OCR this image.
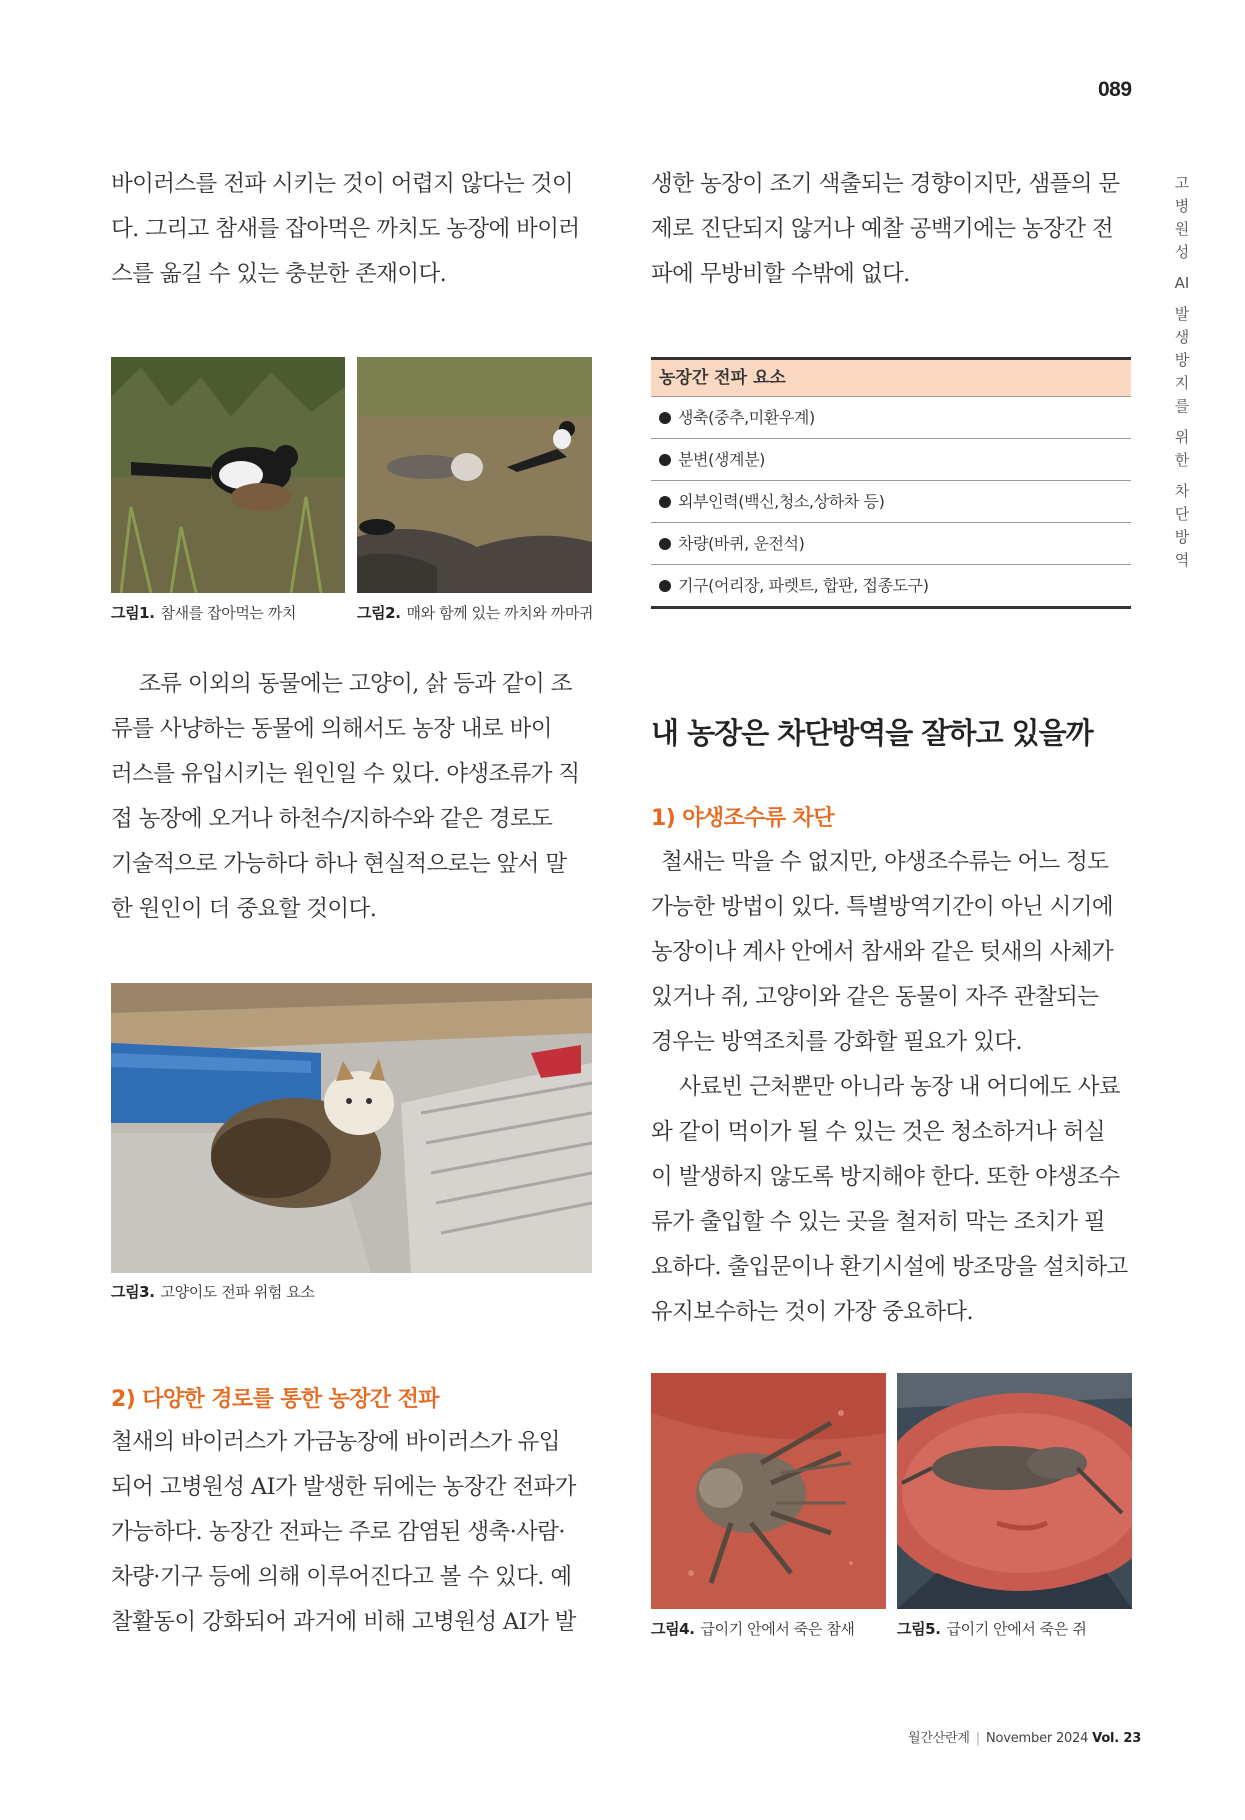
089
고
병
원
성
AI
발
생
방
지
를
위
한
차
단
방
역

바이러스를 전파 시키는 것이 어렵지 않다는 것이

다. 그리고 참새를 잡아먹은 까치도 농장에 바이러

스를 옮길 수 있는 충분한 존재이다.

그림1. 참새를 잡아먹는 까치	그림2. 매와 함께 있는 까치와 까마귀

조류 이외의 동물에는 고양이, 삵 등과 같이 조

류를 사냥하는 동물에 의해서도 농장 내로 바이

러스를 유입시키는 원인일 수 있다. 야생조류가 직

접 농장에 오거나 하천수/지하수와 같은 경로도

기술적으로 가능하다 하나 현실적으로는 앞서 말

한 원인이 더 중요할 것이다.

그림3. 고양이도 전파 위험 요소
2) 다양한 경로를 통한 농장간 전파

철새의 바이러스가 가금농장에 바이러스가 유입

되어 고병원성 AI가 발생한 뒤에는 농장간 전파가

가능하다. 농장간 전파는 주로 감염된 생축·사람·

차량·기구 등에 의해 이루어진다고 볼 수 있다. 예

찰활동이 강화되어 과거에 비해 고병원성 AI가 발

생한 농장이 조기 색출되는 경향이지만, 샘플의 문

제로 진단되지 않거나 예찰 공백기에는 농장간 전

파에 무방비할 수밖에 없다.

농장간 전파 요소
생축(중추,미환우계)
분변(생계분)
외부인력(백신,청소,상하차 등)
차량(바퀴, 운전석)
기구(어리장, 파렛트, 합판, 접종도구)
내 농장은 차단방역을 잘하고 있을까
1) 야생조수류 차단

철새는 막을 수 없지만, 야생조수류는 어느 정도

가능한 방법이 있다. 특별방역기간이 아닌 시기에

농장이나 계사 안에서 참새와 같은 텃새의 사체가

있거나 쥐, 고양이와 같은 동물이 자주 관찰되는

경우는 방역조치를 강화할 필요가 있다.

사료빈 근처뿐만 아니라 농장 내 어디에도 사료

와 같이 먹이가 될 수 있는 것은 청소하거나 허실

이 발생하지 않도록 방지해야 한다. 또한 야생조수

류가 출입할 수 있는 곳을 철저히 막는 조치가 필

요하다. 출입문이나 환기시설에 방조망을 설치하고

유지보수하는 것이 가장 중요하다.

그림4. 급이기 안에서 죽은 참새	그림5. 급이기 안에서 죽은 쥐
월간산란계 | November 2024 Vol. 23
